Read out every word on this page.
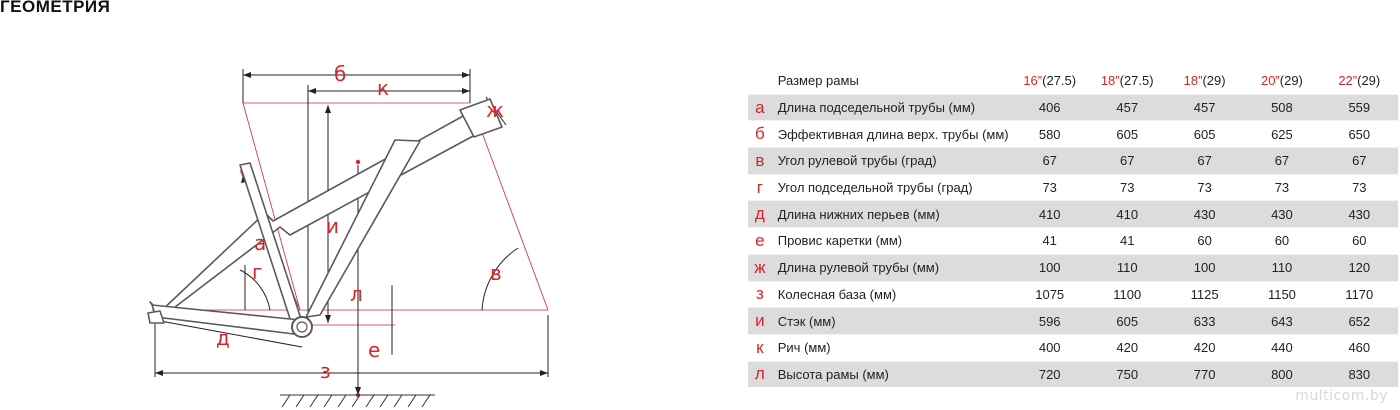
ГЕОМЕТРИЯ
б
к
ж
и
а
г	в
л
е
д
з
	Размер рамы	16”(27.5)	18”(27.5)	18”(29)	20”(29)	22”(29)
а	Длина подседельной трубы (мм)	406	457	457	508	559
б	Эффективная длина верх. трубы (мм)	580	605	605	625	650
в	Угол рулевой трубы (град)	67	67	67	67	67
г	Угол подседельной трубы (град)	73	73	73	73	73
д	Длина нижних перьев (мм)	410	410	430	430	430
е	Провис каретки (мм)	41	41	60	60	60
ж	Длина рулевой трубы (мм)	100	110	100	110	120
з	Колесная база (мм)	1075	1100	1125	1150	1170
и	Стэк (мм)	596	605	633	643	652
к	Рич (мм)	400	420	420	440	460
л	Высота рамы (мм)	720	750	770	800	830
multicom.by
